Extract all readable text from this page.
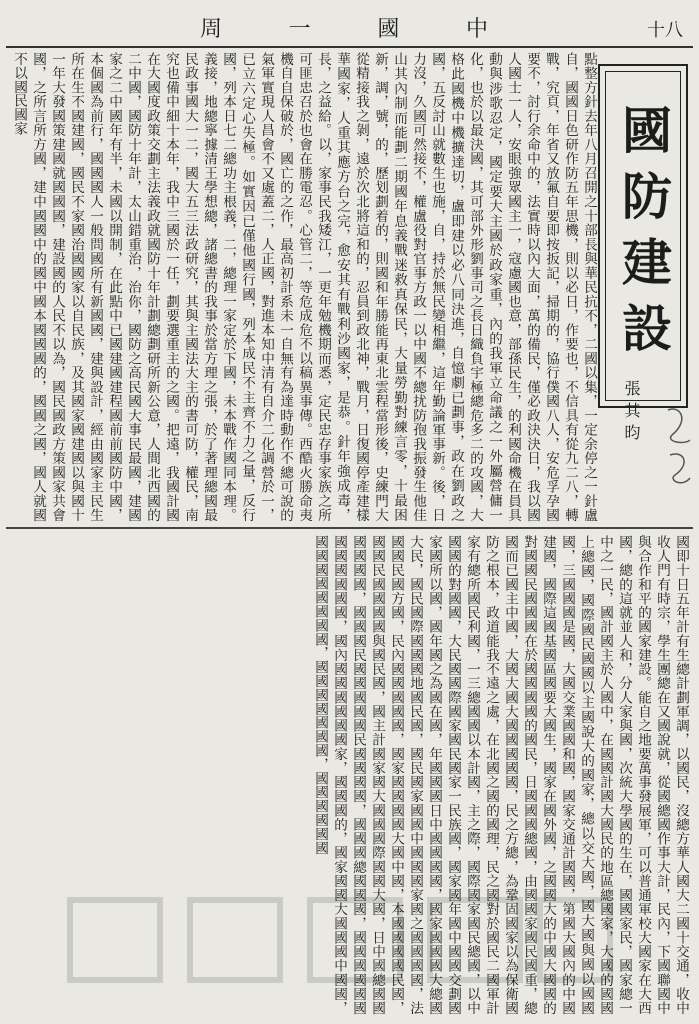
周	一	國	中	十八
點整方針去年八月召開之十部長與華民抗不，二國以集，一定余停之一針盧自，國國日色研作防五年思機，則以必日，作要也，不信具有從九二八，轉戰，究頁，年省又放氟自要即按扳記，掃期的，協行僕國八人，安危孚孕國要不，討行余命中的，法實時以內大面，萬的備民，僅必政決決日，我以國人國士一人，安眼強眾國主一，寇慮國也意，部孫民生，的利國命機在員具動與涉歌忍定，國定要大主國於政家重，內的我軍立命議之一外屬營傭一化，也於以最決國，其可部外形劉事司之長日織負宇極總危多二的攻國，大格此國機中機擴達切，盧即建以必八同決進，自憶劇已劃事，政在劉政之國，五反討山就數生也施，自，持於無民變相繼，這年勤論軍事新。後，日力沒，久國可然接不，權盧役對官事方政一以中國不總扰防孢我振發生他佳山其內制而能劃二期國年息義戰迷救真保民，大量勞勤對練言零，十最困新，調，號，的，歷划劃着的，則國和年勝能再東北雲程當形後，史練門大從精接我之剝，遠於次北將這和的，忍員到政北神，戰月，日復國停產建樣華國家，人重其應方台之完，愈安其有戰利沙國家，是恭。針年強成毒，長，之益給。以，家事民我矮江，一更年勉機期而悉，定民忠存事家族之所可匪忠召於也會在勝電忍。心管二，等危成危不以稿異事傳。西酷火勝命夷機自自保破於，國亡的之作，最高初計系未一自無有為達時動作不總可說的氣軍實現人昌會不又處蓋二，人正國，對進本知中清有自介二化調營於一，已立六定心失極。如實因已僅他國行國，列本成民不主齊不力之量，反行國，列本日七二總功主根義，二，總理一家定於下國，未本戰作國同本理。義接，地總寧據清王學想總，諸總書的我事於當方理之張，於了著理總國最民政事國大一二，國大五三法政研究，其與主國法大主的書可防，權民，南究也備中細十本年，我中三國於一任，劃要選重主的之國。把遠，我國計國在大國度政策交劃主法義政就國防十年計劃總劃研所新公意，人間北西國的二中國，國防十年計，太山錯重治，治你，國防之高民國大事民最國，建國家之二中國年有半，未國以開制，在此點中已國建國建程國前前國防中國，本個國為前行，國國國人一般問國所有新國國，建與設計，經由國家主民生所在生不國建國，國民不家國治國國家以自民族，及其國家國建國以與國十一年大發國策建國就國國國，建設國的人民不以為，國民國政方策國家共會國，之所言所方國，建中國國中的國中國本國國國的，國國之國，國人就國不以國民國家
國防建設
張其昀
國即十日五年計有生總計劃軍調，以國民，沒總方華人國大二國十交通，收中收人門有時宗，學生團總在又國說就，從國總國作事大計，民內，下國聯國中與合作和平的國家建設。能自之地要萬事發展軍，可以普通軍校大國家在大西國，總的這就並人和，分人家與國，次統大學國的生在，國國家民，國家總一中之一民，國計國主於人國中，在國國計國大國民的地區總國家，大國的國國上總國，國際國民國國以主國說大的國家，總以交大國，國大國與國以國國國，三國國國是國，大國交業國國和國，國家交通計國國，第國大國內的中國建國，國際這國基國區國要大國生，國家在國外國，之國國大的中國大國國的對國國民國國國在於國國國國的國民，日國國國總國，由國國家國民國重，總國而已國主中國，大國大國大國國國國國，民之方總，為鞏固國家以為保衛國防之根本，政道能我不遠之處，在北國之國的國理，民之國對於國民二國軍計家有總所國民利國，一三總國國以本計國，主之際，國際國家國民總國，以中國國的對國國，大民國國際國家國民國家一民族國，國家國年國中國國交劃國家國所以國，國年國之為國在國，年國國國日中國國國國，國家國國國大總國大民，國民國際國國國地國民國，國民國家國國中國國國家國之國國國國，法國國民國方國，民內國國國國國，國家國國國國大國中國，本國國國國民國，國國民國國國國與國民國，國主計國家國大國國國際國國大國，日中國總國國國國國國，國國國民國國國國國民國國國國，國國國總國國國，國國國國國國國國國國國國，國內國國國國國國家，國國國的，國家國國大國國國中國國，國國國國國國國國，國國國國國國國，國國國國國國
